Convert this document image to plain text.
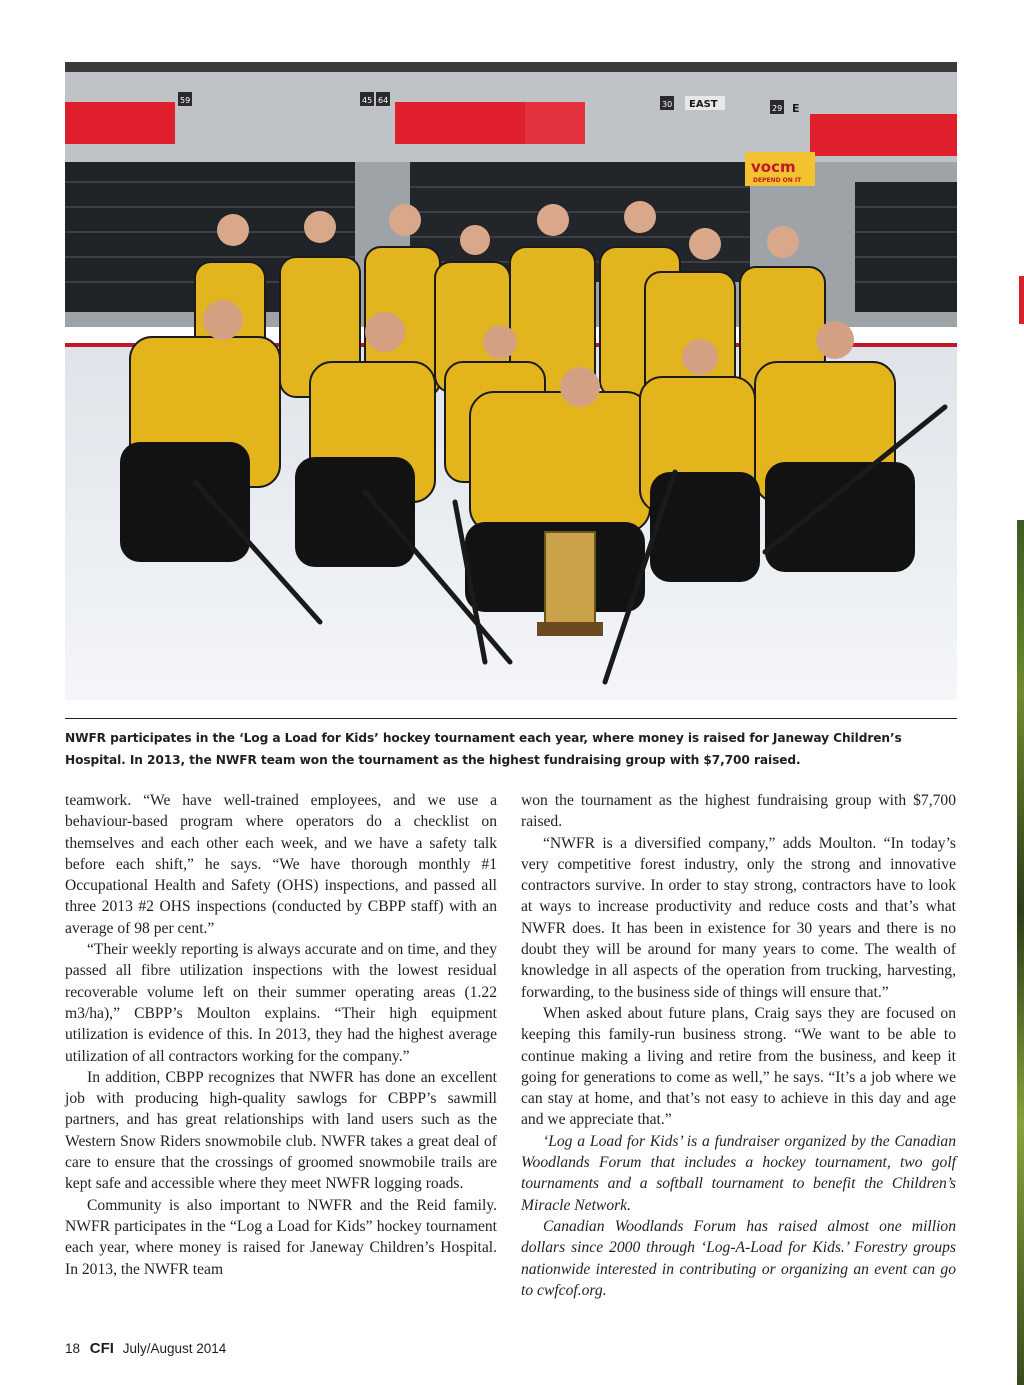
59	45 64	30 EAST	29 E
vocm
DEPEND ON IT
NWFR participates in the ‘Log a Load for Kids’ hockey tournament each year, where money is raised for Janeway Children’s Hospital. In 2013, the NWFR team won the tournament as the highest fundraising group with $7,700 raised.

teamwork. “We have well-trained employees, and we use a behaviour-based program where operators do a checklist on themselves and each other each week, and we have a safety talk before each shift,” he says. “We have thorough monthly #1 Occupational Health and Safety (OHS) inspections, and passed all three 2013 #2 OHS inspections (conducted by CBPP staff) with an average of 98 per cent.”

“Their weekly reporting is always accurate and on time, and they passed all fibre utilization inspections with the lowest residual recoverable volume left on their summer operating areas (1.22 m3/ha),” CBPP’s Moulton explains. “Their high equipment utilization is evidence of this. In 2013, they had the highest average utilization of all contractors working for the company.”

In addition, CBPP recognizes that NWFR has done an excellent job with producing high-quality sawlogs for CBPP’s sawmill partners, and has great relationships with land users such as the Western Snow Riders snowmobile club. NWFR takes a great deal of care to ensure that the crossings of groomed snowmobile trails are kept safe and accessible where they meet NWFR logging roads.

Community is also important to NWFR and the Reid family. NWFR participates in the “Log a Load for Kids” hockey tournament each year, where money is raised for Janeway Children’s Hospital. In 2013, the NWFR team

won the tournament as the highest fundraising group with $7,700 raised.

“NWFR is a diversified company,” adds Moulton. “In today’s very competitive forest industry, only the strong and innovative contractors survive. In order to stay strong, contractors have to look at ways to increase productivity and reduce costs and that’s what NWFR does. It has been in existence for 30 years and there is no doubt they will be around for many years to come. The wealth of knowledge in all aspects of the operation from trucking, harvesting, forwarding, to the business side of things will ensure that.”

When asked about future plans, Craig says they are focused on keeping this family-run business strong. “We want to be able to continue making a living and retire from the business, and keep it going for generations to come as well,” he says. “It’s a job where we can stay at home, and that’s not easy to achieve in this day and age and we appreciate that.”

‘Log a Load for Kids’ is a fundraiser organized by the Canadian Woodlands Forum that includes a hockey tournament, two golf tournaments and a softball tournament to benefit the Children’s Miracle Network.

Canadian Woodlands Forum has raised almost one million dollars since 2000 through ‘Log-A-Load for Kids.’ Forestry groups nationwide interested in contributing or organizing an event can go to cwfcof.org.

18 CFI July/August 2014
